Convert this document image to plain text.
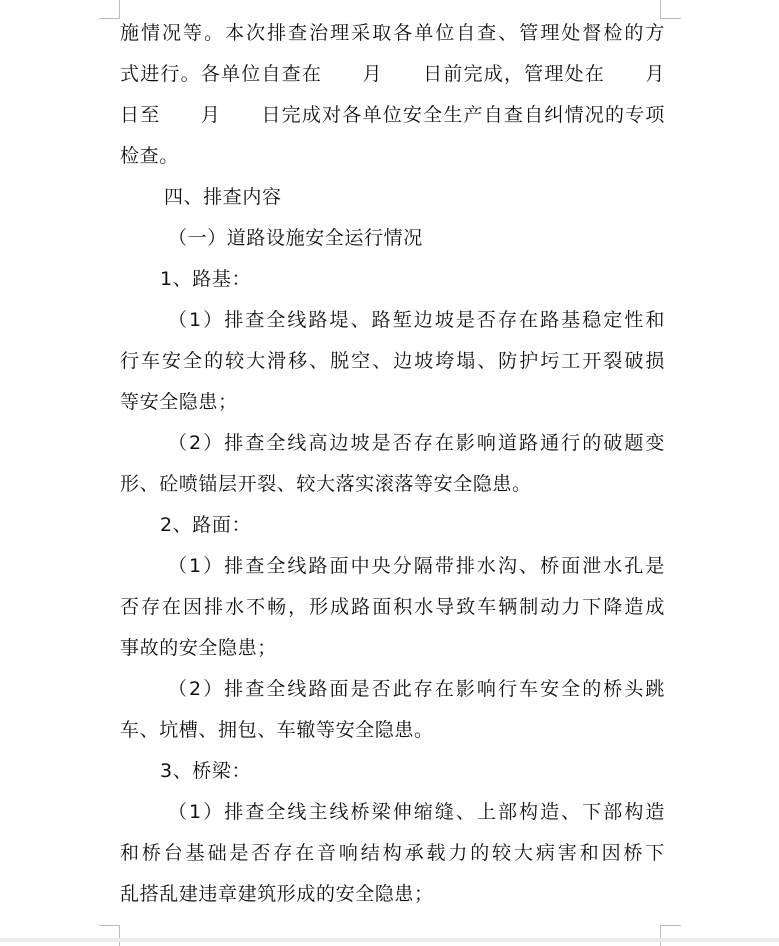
施情况等。本次排查治理采取各单位自查、管理处督检的方
式进行。各单位自查在　　月　　日前完成，管理处在　　月
日至　　月　　日完成对各单位安全生产自查自纠情况的专项
检查。
四、排查内容
（一）道路设施安全运行情况
1、路基：
（1）排查全线路堤、路堑边坡是否存在路基稳定性和
行车安全的较大滑移、脱空、边坡垮塌、防护圬工开裂破损
等安全隐患；
（2）排查全线高边坡是否存在影响道路通行的破题变
形、砼喷锚层开裂、较大落实滚落等安全隐患。
2、路面：
（1）排查全线路面中央分隔带排水沟、桥面泄水孔是
否存在因排水不畅，形成路面积水导致车辆制动力下降造成
事故的安全隐患；
（2）排查全线路面是否此存在影响行车安全的桥头跳
车、坑槽、拥包、车辙等安全隐患。
3、桥梁：
（1）排查全线主线桥梁伸缩缝、上部构造、下部构造
和桥台基础是否存在音响结构承载力的较大病害和因桥下
乱搭乱建违章建筑形成的安全隐患；
